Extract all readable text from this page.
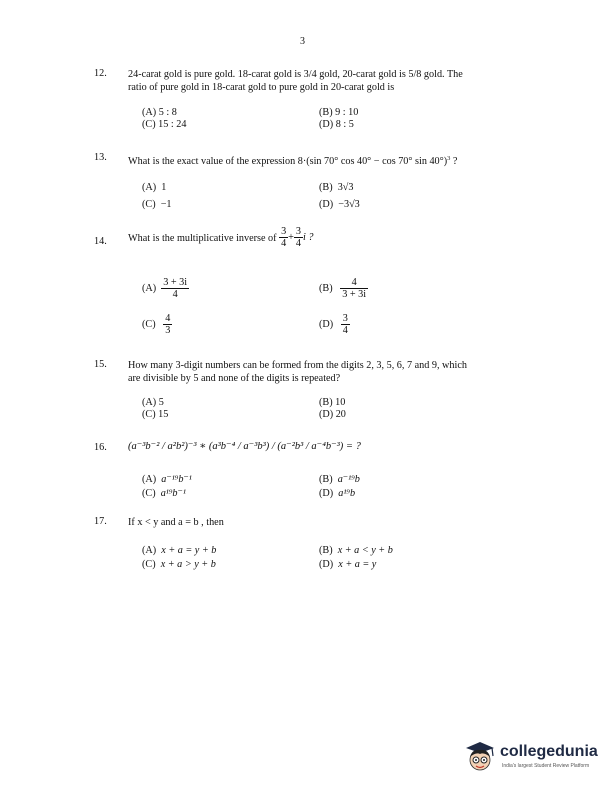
3
12. 24-carat gold is pure gold. 18-carat gold is 3/4 gold, 20-carat gold is 5/8 gold. The
ratio of pure gold in 18-carat gold to pure gold in 20-carat gold is
(A) 5 : 8	(B) 9 : 10
(C) 15 : 24	(D) 8 : 5
13. What is the exact value of the expression 8·(sin 70° cos 40° − cos 70° sin 40°)$^3$ ?
(A) 1	(B) 3√3
(C) −1	(D) −3√3
14. What is the multiplicative inverse of $\frac{3}{4} + \frac{3}{4}$ i ?
$(A) \frac{3 + 3i}{4}$	$(B) \frac{4}{3 + 3i}$
$(C) \frac{4}{3}$	$(D) \frac{3}{4}$
15. How many 3-digit numbers can be formed from the digits 2, 3, 5, 6, 7 and 9, which
are divisible by 5 and none of the digits is repeated?
(A) 5	(B) 10
(C) 15	(D) 20
16. (a⁻³b⁻² / a²b²)⁻³ ∗ (a³b⁻⁴ / a⁻³b³) / (a⁻²b³ / a⁻⁴b⁻³) = ?
(A) a⁻¹⁹b⁻¹	(B) a⁻¹⁹b
(C) a¹⁹b⁻¹	(D) a¹⁹b
17. If x < y and a = b , then
(A) x + a = y + b	(B) x + a < y + b
(C) x + a > y + b	(D) x + a = y
collegedunia
India's largest Student Review Platform
